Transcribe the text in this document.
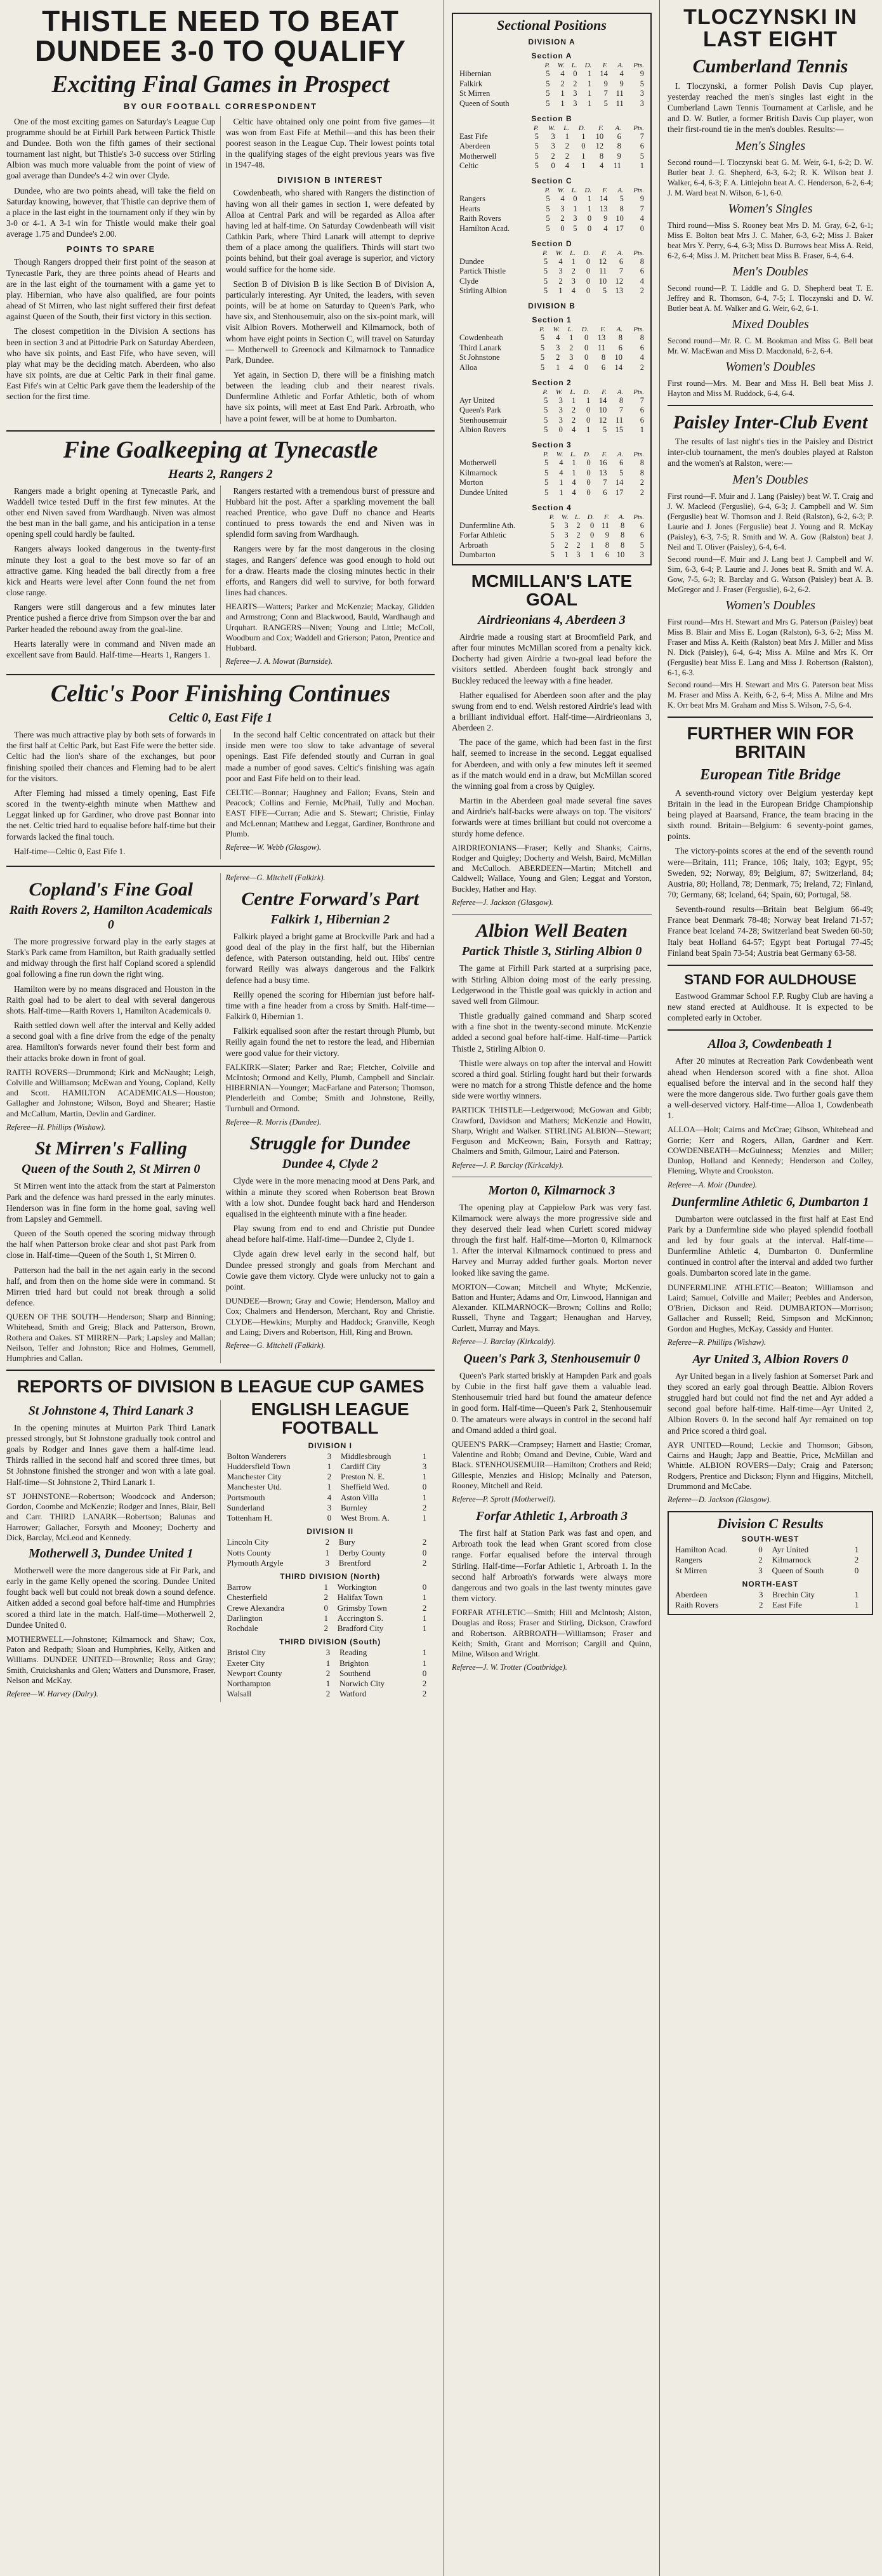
THISTLE NEED TO BEAT DUNDEE 3-0 TO QUALIFY
Exciting Final Games in Prospect
BY OUR FOOTBALL CORRESPONDENT

One of the most exciting games on Saturday's League Cup programme should be at Firhill Park between Partick Thistle and Dundee. Both won the fifth games of their sectional tournament last night, but Thistle's 3-0 success over Stirling Albion was much more valuable from the point of view of goal average than Dundee's 4-2 win over Clyde.

Dundee, who are two points ahead, will take the field on Saturday knowing, however, that Thistle can deprive them of a place in the last eight in the tournament only if they win by 3-0 or 4-1. A 3-1 win for Thistle would make their goal average 1.75 and Dundee's 2.00.

POINTS TO SPARE

Though Rangers dropped their first point of the season at Tynecastle Park, they are three points ahead of Hearts and are in the last eight of the tournament with a game yet to play. Hibernian, who have also qualified, are four points ahead of St Mirren, who last night suffered their first defeat against Queen of the South, their first victory in this section.

The closest competition in the Division A sections has been in section 3 and at Pittodrie Park on Saturday Aberdeen, who have six points, and East Fife, who have seven, will play what may be the deciding match. Aberdeen, who also have six points, are due at Celtic Park in their final game. East Fife's win at Celtic Park gave them the leadership of the section for the first time.

Celtic have obtained only one point from five games—it was won from East Fife at Methil—and this has been their poorest season in the League Cup. Their lowest points total in the qualifying stages of the eight previous years was five in 1947-48.

DIVISION B INTEREST

Cowdenbeath, who shared with Rangers the distinction of having won all their games in section 1, were defeated by Alloa at Central Park and will be regarded as Alloa after having led at half-time. On Saturday Cowdenbeath will visit Cathkin Park, where Third Lanark will attempt to deprive them of a place among the qualifiers. Thirds will start two points behind, but their goal average is superior, and victory would suffice for the home side.

Section B of Division B is like Section B of Division A, particularly interesting. Ayr United, the leaders, with seven points, will be at home on Saturday to Queen's Park, who have six, and Stenhousemuir, also on the six-point mark, will visit Albion Rovers. Motherwell and Kilmarnock, both of whom have eight points in Section C, will travel on Saturday — Motherwell to Greenock and Kilmarnock to Tannadice Park, Dundee.

Yet again, in Section D, there will be a finishing match between the leading club and their nearest rivals. Dunfermline Athletic and Forfar Athletic, both of whom have six points, will meet at East End Park. Arbroath, who have a point fewer, will be at home to Dumbarton.

Fine Goalkeeping at Tynecastle
Hearts 2, Rangers 2

Rangers made a bright opening at Tynecastle Park, and Waddell twice tested Duff in the first few minutes. At the other end Niven saved from Wardhaugh. Niven was almost the best man in the ball game, and his anticipation in a tense opening spell could hardly be faulted.

Rangers always looked dangerous in the twenty-first minute they lost a goal to the best move so far of an attractive game. King headed the ball directly from a free kick and Hearts were level after Conn found the net from close range.

Rangers were still dangerous and a few minutes later Prentice pushed a fierce drive from Simpson over the bar and Parker headed the rebound away from the goal-line.

Hearts laterally were in command and Niven made an excellent save from Bauld. Half-time—Hearts 1, Rangers 1.

Rangers restarted with a tremendous burst of pressure and Hubbard hit the post. After a sparkling movement the ball reached Prentice, who gave Duff no chance and Hearts continued to press towards the end and Niven was in splendid form saving from Wardhaugh.

Rangers were by far the most dangerous in the closing stages, and Rangers' defence was good enough to hold out for a draw. Hearts made the closing minutes hectic in their efforts, and Rangers did well to survive, for both forward lines had chances.

HEARTS—Watters; Parker and McKenzie; Mackay, Glidden and Armstrong; Conn and Blackwood, Bauld, Wardhaugh and Urquhart. RANGERS—Niven; Young and Little; McColl, Woodburn and Cox; Waddell and Grierson; Paton, Prentice and Hubbard.

Referee—J. A. Mowat (Burnside).

Celtic's Poor Finishing Continues
Celtic 0, East Fife 1

There was much attractive play by both sets of forwards in the first half at Celtic Park, but East Fife were the better side. Celtic had the lion's share of the exchanges, but poor finishing spoiled their chances and Fleming had to be alert for the visitors.

After Fleming had missed a timely opening, East Fife scored in the twenty-eighth minute when Matthew and Leggat linked up for Gardiner, who drove past Bonnar into the net. Celtic tried hard to equalise before half-time but their forwards lacked the final touch.

Half-time—Celtic 0, East Fife 1.

In the second half Celtic concentrated on attack but their inside men were too slow to take advantage of several openings. East Fife defended stoutly and Curran in goal made a number of good saves. Celtic's finishing was again poor and East Fife held on to their lead.

CELTIC—Bonnar; Haughney and Fallon; Evans, Stein and Peacock; Collins and Fernie, McPhail, Tully and Mochan. EAST FIFE—Curran; Adie and S. Stewart; Christie, Finlay and McLennan; Matthew and Leggat, Gardiner, Bonthrone and Plumb.

Referee—W. Webb (Glasgow).

Copland's Fine Goal
Raith Rovers 2, Hamilton Academicals 0

The more progressive forward play in the early stages at Stark's Park came from Hamilton, but Raith gradually settled and midway through the first half Copland scored a splendid goal following a fine run down the right wing.

Hamilton were by no means disgraced and Houston in the Raith goal had to be alert to deal with several dangerous shots. Half-time—Raith Rovers 1, Hamilton Academicals 0.

Raith settled down well after the interval and Kelly added a second goal with a fine drive from the edge of the penalty area. Hamilton's forwards never found their best form and their attacks broke down in front of goal.

RAITH ROVERS—Drummond; Kirk and McNaught; Leigh, Colville and Williamson; McEwan and Young, Copland, Kelly and Scott. HAMILTON ACADEMICALS—Houston; Gallagher and Johnstone; Wilson, Boyd and Shearer; Hastie and McCallum, Martin, Devlin and Gardiner.

Referee—H. Phillips (Wishaw).

St Mirren's Falling
Queen of the South 2, St Mirren 0

St Mirren went into the attack from the start at Palmerston Park and the defence was hard pressed in the early minutes. Henderson was in fine form in the home goal, saving well from Lapsley and Gemmell.

Queen of the South opened the scoring midway through the half when Patterson broke clear and shot past Park from close in. Half-time—Queen of the South 1, St Mirren 0.

Patterson had the ball in the net again early in the second half, and from then on the home side were in command. St Mirren tried hard but could not break through a solid defence.

QUEEN OF THE SOUTH—Henderson; Sharp and Binning; Whitehead, Smith and Greig; Black and Patterson, Brown, Rothera and Oakes. ST MIRREN—Park; Lapsley and Mallan; Neilson, Telfer and Johnston; Rice and Holmes, Gemmell, Humphries and Callan.

Referee—G. Mitchell (Falkirk).

Centre Forward's Part
Falkirk 1, Hibernian 2

Falkirk played a bright game at Brockville Park and had a good deal of the play in the first half, but the Hibernian defence, with Paterson outstanding, held out. Hibs' centre forward Reilly was always dangerous and the Falkirk defence had a busy time.

Reilly opened the scoring for Hibernian just before half-time with a fine header from a cross by Smith. Half-time—Falkirk 0, Hibernian 1.

Falkirk equalised soon after the restart through Plumb, but Reilly again found the net to restore the lead, and Hibernian were good value for their victory.

FALKIRK—Slater; Parker and Rae; Fletcher, Colville and McIntosh; Ormond and Kelly, Plumb, Campbell and Sinclair. HIBERNIAN—Younger; MacFarlane and Paterson; Thomson, Plenderleith and Combe; Smith and Johnstone, Reilly, Turnbull and Ormond.

Referee—R. Morris (Dundee).

Struggle for Dundee
Dundee 4, Clyde 2

Clyde were in the more menacing mood at Dens Park, and within a minute they scored when Robertson beat Brown with a low shot. Dundee fought back hard and Henderson equalised in the eighteenth minute with a fine header.

Play swung from end to end and Christie put Dundee ahead before half-time. Half-time—Dundee 2, Clyde 1.

Clyde again drew level early in the second half, but Dundee pressed strongly and goals from Merchant and Cowie gave them victory. Clyde were unlucky not to gain a point.

DUNDEE—Brown; Gray and Cowie; Henderson, Malloy and Cox; Chalmers and Henderson, Merchant, Roy and Christie. CLYDE—Hewkins; Murphy and Haddock; Granville, Keogh and Laing; Divers and Robertson, Hill, Ring and Brown.

Referee—G. Mitchell (Falkirk).

REPORTS OF DIVISION B LEAGUE CUP GAMES
St Johnstone 4, Third Lanark 3

In the opening minutes at Muirton Park Third Lanark pressed strongly, but St Johnstone gradually took control and goals by Rodger and Innes gave them a half-time lead. Thirds rallied in the second half and scored three times, but St Johnstone finished the stronger and won with a late goal. Half-time—St Johnstone 2, Third Lanark 1.

ST JOHNSTONE—Robertson; Woodcock and Anderson; Gordon, Coombe and McKenzie; Rodger and Innes, Blair, Bell and Carr. THIRD LANARK—Robertson; Balunas and Harrower; Gallacher, Forsyth and Mooney; Docherty and Dick, Barclay, McLeod and Kennedy.

Motherwell 3, Dundee United 1

Motherwell were the more dangerous side at Fir Park, and early in the game Kelly opened the scoring. Dundee United fought back well but could not break down a sound defence. Aitken added a second goal before half-time and Humphries scored a third late in the match. Half-time—Motherwell 2, Dundee United 0.

MOTHERWELL—Johnstone; Kilmarnock and Shaw; Cox, Paton and Redpath; Sloan and Humphries, Kelly, Aitken and Williams. DUNDEE UNITED—Brownlie; Ross and Gray; Smith, Cruickshanks and Glen; Watters and Dunsmore, Fraser, Nelson and McKay.

Referee—W. Harvey (Dalry).

ENGLISH LEAGUE FOOTBALL
DIVISION I
Bolton Wanderers	3	Middlesbrough	1
Huddersfield Town	1	Cardiff City	3
Manchester City	2	Preston N. E.	1
Manchester Utd.	1	Sheffield Wed.	0
Portsmouth	4	Aston Villa	1
Sunderland	3	Burnley	2
Tottenham H.	0	West Brom. A.	1
DIVISION II
Lincoln City	2	Bury	2
Notts County	1	Derby County	0
Plymouth Argyle	3	Brentford	2
THIRD DIVISION (North)
Barrow	1	Workington	0
Chesterfield	2	Halifax Town	1
Crewe Alexandra	0	Grimsby Town	2
Darlington	1	Accrington S.	1
Rochdale	2	Bradford City	1
THIRD DIVISION (South)
Bristol City	3	Reading	1
Exeter City	1	Brighton	1
Newport County	2	Southend	0
Northampton	1	Norwich City	2
Walsall	2	Watford	2
Sectional Positions
DIVISION A
Section A
	P.	W.	L.	D.	F.	A.	Pts.
Hibernian	5	4	0	1	14	4	9
Falkirk	5	2	2	1	9	9	5
St Mirren	5	1	3	1	7	11	3
Queen of South	5	1	3	1	5	11	3
Section B
	P.	W.	L.	D.	F.	A.	Pts.
East Fife	5	3	1	1	10	6	7
Aberdeen	5	3	2	0	12	8	6
Motherwell	5	2	2	1	8	9	5
Celtic	5	0	4	1	4	11	1
Section C
	P.	W.	L.	D.	F.	A.	Pts.
Rangers	5	4	0	1	14	5	9
Hearts	5	3	1	1	13	8	7
Raith Rovers	5	2	3	0	9	10	4
Hamilton Acad.	5	0	5	0	4	17	0
Section D
	P.	W.	L.	D.	F.	A.	Pts.
Dundee	5	4	1	0	12	6	8
Partick Thistle	5	3	2	0	11	7	6
Clyde	5	2	3	0	10	12	4
Stirling Albion	5	1	4	0	5	13	2
DIVISION B
Section 1
	P.	W.	L.	D.	F.	A.	Pts.
Cowdenbeath	5	4	1	0	13	8	8
Third Lanark	5	3	2	0	11	6	6
St Johnstone	5	2	3	0	8	10	4
Alloa	5	1	4	0	6	14	2
Section 2
	P.	W.	L.	D.	F.	A.	Pts.
Ayr United	5	3	1	1	14	8	7
Queen's Park	5	3	2	0	10	7	6
Stenhousemuir	5	3	2	0	12	11	6
Albion Rovers	5	0	4	1	5	15	1
Section 3
	P.	W.	L.	D.	F.	A.	Pts.
Motherwell	5	4	1	0	16	6	8
Kilmarnock	5	4	1	0	13	5	8
Morton	5	1	4	0	7	14	2
Dundee United	5	1	4	0	6	17	2
Section 4
	P.	W.	L.	D.	F.	A.	Pts.
Dunfermline Ath.	5	3	2	0	11	8	6
Forfar Athletic	5	3	2	0	9	8	6
Arbroath	5	2	2	1	8	8	5
Dumbarton	5	1	3	1	6	10	3
MCMILLAN'S LATE GOAL
Airdrieonians 4, Aberdeen 3

Airdrie made a rousing start at Broomfield Park, and after four minutes McMillan scored from a penalty kick. Docherty had given Airdrie a two-goal lead before the visitors settled. Aberdeen fought back strongly and Buckley reduced the leeway with a fine header.

Hather equalised for Aberdeen soon after and the play swung from end to end. Welsh restored Airdrie's lead with a brilliant individual effort. Half-time—Airdrieonians 3, Aberdeen 2.

The pace of the game, which had been fast in the first half, seemed to increase in the second. Leggat equalised for Aberdeen, and with only a few minutes left it seemed as if the match would end in a draw, but McMillan scored the winning goal from a cross by Quigley.

Martin in the Aberdeen goal made several fine saves and Airdrie's half-backs were always on top. The visitors' forwards were at times brilliant but could not overcome a sturdy home defence.

AIRDRIEONIANS—Fraser; Kelly and Shanks; Cairns, Rodger and Quigley; Docherty and Welsh, Baird, McMillan and McCulloch. ABERDEEN—Martin; Mitchell and Caldwell; Wallace, Young and Glen; Leggat and Yorston, Buckley, Hather and Hay.

Referee—J. Jackson (Glasgow).

Albion Well Beaten
Partick Thistle 3, Stirling Albion 0

The game at Firhill Park started at a surprising pace, with Stirling Albion doing most of the early pressing. Ledgerwood in the Thistle goal was quickly in action and saved well from Gilmour.

Thistle gradually gained command and Sharp scored with a fine shot in the twenty-second minute. McKenzie added a second goal before half-time. Half-time—Partick Thistle 2, Stirling Albion 0.

Thistle were always on top after the interval and Howitt scored a third goal. Stirling fought hard but their forwards were no match for a strong Thistle defence and the home side were worthy winners.

PARTICK THISTLE—Ledgerwood; McGowan and Gibb; Crawford, Davidson and Mathers; McKenzie and Howitt, Sharp, Wright and Walker. STIRLING ALBION—Stewart; Ferguson and McKeown; Bain, Forsyth and Rattray; Chalmers and Smith, Gilmour, Laird and Paterson.

Referee—J. P. Barclay (Kirkcaldy).

Morton 0, Kilmarnock 3

The opening play at Cappielow Park was very fast. Kilmarnock were always the more progressive side and they deserved their lead when Curlett scored midway through the first half. Half-time—Morton 0, Kilmarnock 1. After the interval Kilmarnock continued to press and Harvey and Murray added further goals. Morton never looked like saving the game.

MORTON—Cowan; Mitchell and Whyte; McKenzie, Batton and Hunter; Adams and Orr, Linwood, Hannigan and Alexander. KILMARNOCK—Brown; Collins and Rollo; Russell, Thyne and Taggart; Henaughan and Harvey, Curlett, Murray and Mays.

Referee—J. Barclay (Kirkcaldy).

Queen's Park 3, Stenhousemuir 0

Queen's Park started briskly at Hampden Park and goals by Cubie in the first half gave them a valuable lead. Stenhousemuir tried hard but found the amateur defence in good form. Half-time—Queen's Park 2, Stenhousemuir 0. The amateurs were always in control in the second half and Omand added a third goal.

QUEEN'S PARK—Crampsey; Harnett and Hastie; Cromar, Valentine and Robb; Omand and Devine, Cubie, Ward and Black. STENHOUSEMUIR—Hamilton; Crothers and Reid; Gillespie, Menzies and Hislop; McInally and Paterson, Rooney, Mitchell and Reid.

Referee—P. Sprott (Motherwell).

Forfar Athletic 1, Arbroath 3

The first half at Station Park was fast and open, and Arbroath took the lead when Grant scored from close range. Forfar equalised before the interval through Stirling. Half-time—Forfar Athletic 1, Arbroath 1. In the second half Arbroath's forwards were always more dangerous and two goals in the last twenty minutes gave them victory.

FORFAR ATHLETIC—Smith; Hill and McIntosh; Alston, Douglas and Ross; Fraser and Stirling, Dickson, Crawford and Robertson. ARBROATH—Williamson; Fraser and Keith; Smith, Grant and Morrison; Cargill and Quinn, Milne, Wilson and Wright.

Referee—J. W. Trotter (Coatbridge).

TLOCZYNSKI IN LAST EIGHT
Cumberland Tennis

I. Tloczynski, a former Polish Davis Cup player, yesterday reached the men's singles last eight in the Cumberland Lawn Tennis Tournament at Carlisle, and he and D. W. Butler, a former British Davis Cup player, won their first-round tie in the men's doubles. Results:—

Men's Singles

Second round—I. Tloczynski beat G. M. Weir, 6-1, 6-2; D. W. Butler beat J. G. Shepherd, 6-3, 6-2; R. K. Wilson beat J. Walker, 6-4, 6-3; F. A. Littlejohn beat A. C. Henderson, 6-2, 6-4; J. M. Ward beat N. Wilson, 6-1, 6-0.

Women's Singles

Third round—Miss S. Rooney beat Mrs D. M. Gray, 6-2, 6-1; Miss E. Bolton beat Mrs J. C. Maher, 6-3, 6-2; Miss J. Baker beat Mrs Y. Perry, 6-4, 6-3; Miss D. Burrows beat Miss A. Reid, 6-2, 6-4; Miss J. M. Pritchett beat Miss B. Fraser, 6-4, 6-4.

Men's Doubles

Second round—P. T. Liddle and G. D. Shepherd beat T. E. Jeffrey and R. Thomson, 6-4, 7-5; I. Tloczynski and D. W. Butler beat A. M. Walker and G. Weir, 6-2, 6-1.

Mixed Doubles

Second round—Mr. R. C. M. Bookman and Miss G. Bell beat Mr. W. MacEwan and Miss D. Macdonald, 6-2, 6-4.

Women's Doubles

First round—Mrs. M. Bear and Miss H. Bell beat Miss J. Hayton and Miss M. Ruddock, 6-4, 6-4.

Paisley Inter-Club Event

The results of last night's ties in the Paisley and District inter-club tournament, the men's doubles played at Ralston and the women's at Ralston, were:—

Men's Doubles

First round—F. Muir and J. Lang (Paisley) beat W. T. Craig and J. W. Macleod (Ferguslie), 6-4, 6-3; J. Campbell and W. Sim (Ferguslie) beat W. Thomson and J. Reid (Ralston), 6-2, 6-3; P. Laurie and J. Jones (Ferguslie) beat J. Young and R. McKay (Paisley), 6-3, 7-5; R. Smith and W. A. Gow (Ralston) beat J. Neil and T. Oliver (Paisley), 6-4, 6-4.

Second round—F. Muir and J. Lang beat J. Campbell and W. Sim, 6-3, 6-4; P. Laurie and J. Jones beat R. Smith and W. A. Gow, 7-5, 6-3; R. Barclay and G. Watson (Paisley) beat A. B. McGregor and J. Fraser (Ferguslie), 6-2, 6-2.

Women's Doubles

First round—Mrs H. Stewart and Mrs G. Paterson (Paisley) beat Miss B. Blair and Miss E. Logan (Ralston), 6-3, 6-2; Miss M. Fraser and Miss A. Keith (Ralston) beat Mrs J. Miller and Miss N. Dick (Paisley), 6-4, 6-4; Miss A. Milne and Mrs K. Orr (Ferguslie) beat Miss E. Lang and Miss J. Robertson (Ralston), 6-1, 6-3.

Second round—Mrs H. Stewart and Mrs G. Paterson beat Miss M. Fraser and Miss A. Keith, 6-2, 6-4; Miss A. Milne and Mrs K. Orr beat Mrs M. Graham and Miss S. Wilson, 7-5, 6-4.

FURTHER WIN FOR BRITAIN
European Title Bridge

A seventh-round victory over Belgium yesterday kept Britain in the lead in the European Bridge Championship being played at Baarsand, France, the team bracing in the sixth round. Britain—Belgium: 6 seventy-point games, points.

The victory-points scores at the end of the seventh round were—Britain, 111; France, 106; Italy, 103; Egypt, 95; Sweden, 92; Norway, 89; Belgium, 87; Switzerland, 84; Austria, 80; Holland, 78; Denmark, 75; Ireland, 72; Finland, 70; Germany, 68; Iceland, 64; Spain, 60; Portugal, 58.

Seventh-round results—Britain beat Belgium 66-49; France beat Denmark 78-48; Norway beat Ireland 71-57; France beat Iceland 74-28; Switzerland beat Sweden 60-50; Italy beat Holland 64-57; Egypt beat Portugal 77-45; Finland beat Spain 73-54; Austria beat Germany 63-58.

STAND FOR AULDHOUSE

Eastwood Grammar School F.P. Rugby Club are having a new stand erected at Auldhouse. It is expected to be completed early in October.

Alloa 3, Cowdenbeath 1

After 20 minutes at Recreation Park Cowdenbeath went ahead when Henderson scored with a fine shot. Alloa equalised before the interval and in the second half they were the more dangerous side. Two further goals gave them a well-deserved victory. Half-time—Alloa 1, Cowdenbeath 1.

ALLOA—Holt; Cairns and McCrae; Gibson, Whitehead and Gorrie; Kerr and Rogers, Allan, Gardner and Kerr. COWDENBEATH—McGuinness; Menzies and Miller; Dunlop, Holland and Kennedy; Henderson and Colley, Fleming, Whyte and Crookston.

Referee—A. Moir (Dundee).

Dunfermline Athletic 6, Dumbarton 1

Dumbarton were outclassed in the first half at East End Park by a Dunfermline side who played splendid football and led by four goals at the interval. Half-time—Dunfermline Athletic 4, Dumbarton 0. Dunfermline continued in control after the interval and added two further goals. Dumbarton scored late in the game.

DUNFERMLINE ATHLETIC—Beaton; Williamson and Laird; Samuel, Colville and Mailer; Peebles and Anderson, O'Brien, Dickson and Reid. DUMBARTON—Morrison; Gallacher and Russell; Reid, Simpson and McKinnon; Gordon and Hughes, McKay, Cassidy and Hunter.

Referee—R. Phillips (Wishaw).

Ayr United 3, Albion Rovers 0

Ayr United began in a lively fashion at Somerset Park and they scored an early goal through Beattie. Albion Rovers struggled hard but could not find the net and Ayr added a second goal before half-time. Half-time—Ayr United 2, Albion Rovers 0. In the second half Ayr remained on top and Price scored a third goal.

AYR UNITED—Round; Leckie and Thomson; Gibson, Cairns and Haugh; Japp and Beattie, Price, McMillan and Whittle. ALBION ROVERS—Daly; Craig and Paterson; Rodgers, Prentice and Dickson; Flynn and Higgins, Mitchell, Drummond and McCabe.

Referee—D. Jackson (Glasgow).

Division C Results
SOUTH-WEST
Hamilton Acad.	0	Ayr United	1
Rangers	2	Kilmarnock	2
St Mirren	3	Queen of South	0
NORTH-EAST
Aberdeen	3	Brechin City	1
Raith Rovers	2	East Fife	1
